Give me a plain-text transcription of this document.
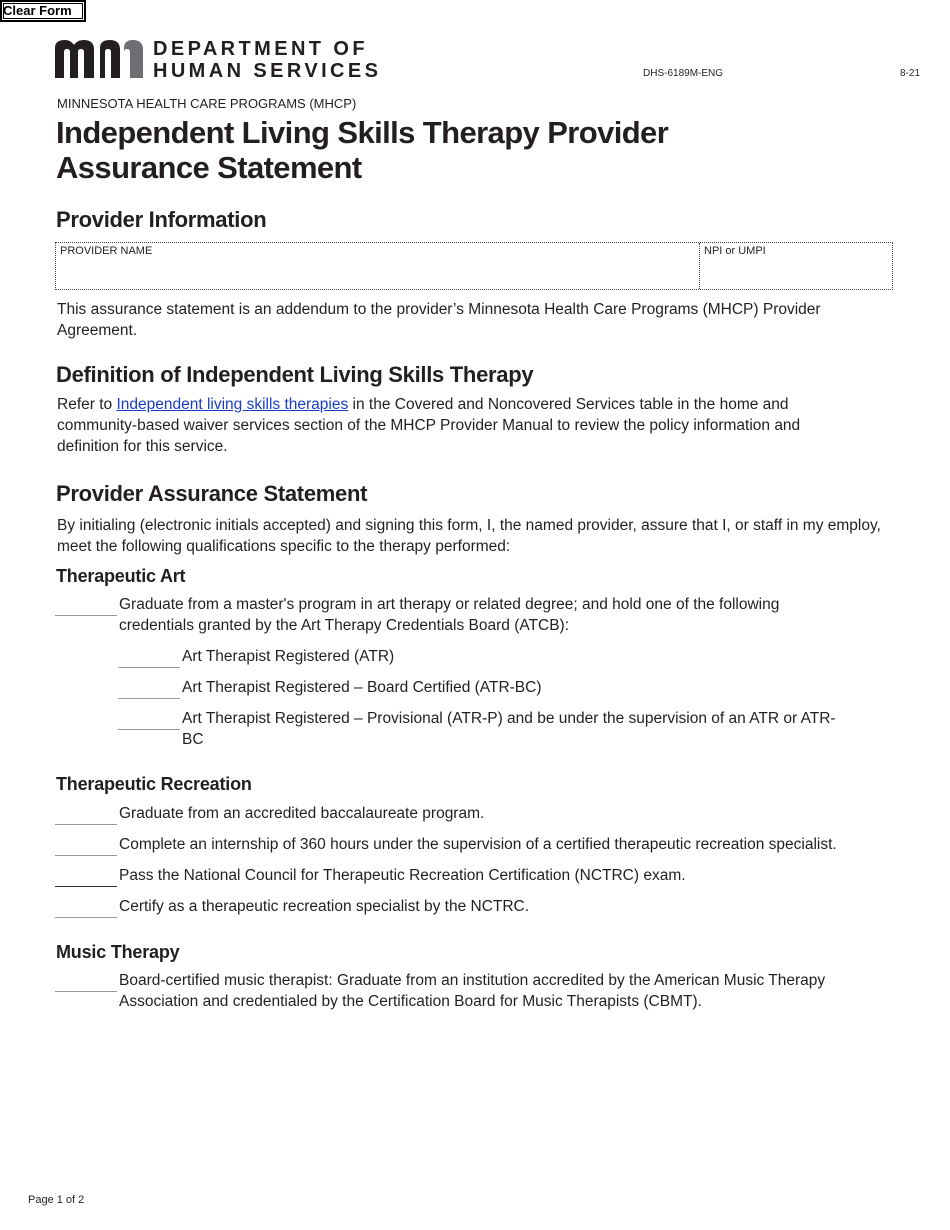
Clear Form
DEPARTMENT OF
HUMAN SERVICES	DHS-6189M-ENG	8-21
MINNESOTA HEALTH CARE PROGRAMS (MHCP)
Independent Living Skills Therapy Provider
Assurance Statement
Provider Information
PROVIDER NAME	NPI or UMPI

This assurance statement is an addendum to the provider’s Minnesota Health Care Programs (MHCP) Provider Agreement.

Definition of Independent Living Skills Therapy

Refer to Independent living skills therapies in the Covered and Noncovered Services table in the home and community-based waiver services section of the MHCP Provider Manual to review the policy information and definition for this service.

Provider Assurance Statement

By initialing (electronic initials accepted) and signing this form, I, the named provider, assure that I, or staff in my employ, meet the following qualifications specific to the therapy performed:

Therapeutic Art
Graduate from a master's program in art therapy or related degree; and hold one of the following credentials granted by the Art Therapy Credentials Board (ATCB):
Art Therapist Registered (ATR)
Art Therapist Registered – Board Certified (ATR-BC)
Art Therapist Registered – Provisional (ATR-P) and be under the supervision of an ATR or ATR-BC
Therapeutic Recreation
Graduate from an accredited baccalaureate program.
Complete an internship of 360 hours under the supervision of a certified therapeutic recreation specialist.
Pass the National Council for Therapeutic Recreation Certification (NCTRC) exam.
Certify as a therapeutic recreation specialist by the NCTRC.
Music Therapy
Board-certified music therapist: Graduate from an institution accredited by the American Music Therapy Association and credentialed by the Certification Board for Music Therapists (CBMT).
Page 1 of 2
